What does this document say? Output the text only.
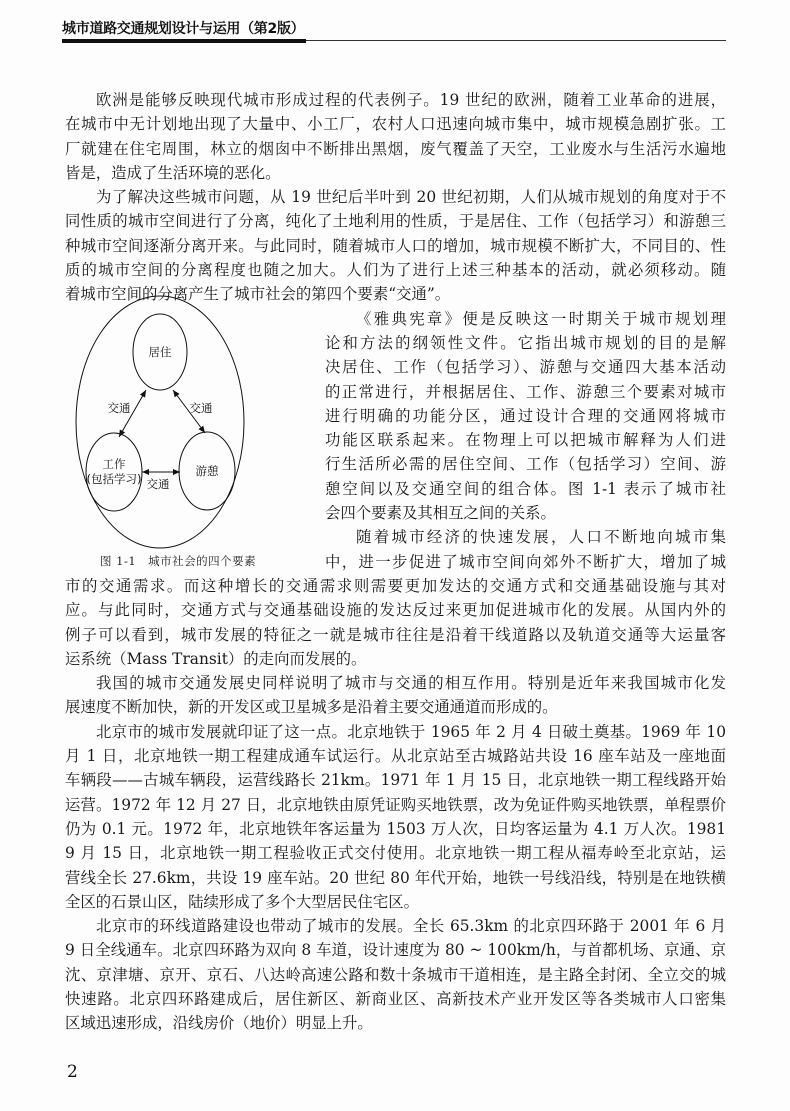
城市道路交通规划设计与运用（第2版）
居住
工作
(包括学习)
游憩
交通	交通
交通
图 1-1　城市社会的四个要素
欧洲是能够反映现代城市形成过程的代表例子。19 世纪的欧洲，随着工业革命的进展，
在城市中无计划地出现了大量中、小工厂，农村人口迅速向城市集中，城市规模急剧扩张。工
厂就建在住宅周围，林立的烟囱中不断排出黑烟，废气覆盖了天空，工业废水与生活污水遍地
皆是，造成了生活环境的恶化。
为了解决这些城市问题，从 19 世纪后半叶到 20 世纪初期，人们从城市规划的角度对于不
同性质的城市空间进行了分离，纯化了土地利用的性质，于是居住、工作（包括学习）和游憩三
种城市空间逐渐分离开来。与此同时，随着城市人口的增加，城市规模不断扩大，不同目的、性
质的城市空间的分离程度也随之加大。人们为了进行上述三种基本的活动，就必须移动。随
着城市空间的分离产生了城市社会的第四个要素“交通”。
《雅典宪章》便是反映这一时期关于城市规划理
论和方法的纲领性文件。它指出城市规划的目的是解
决居住、工作（包括学习）、游憩与交通四大基本活动
的正常进行，并根据居住、工作、游憩三个要素对城市
进行明确的功能分区，通过设计合理的交通网将城市
功能区联系起来。在物理上可以把城市解释为人们进
行生活所必需的居住空间、工作（包括学习）空间、游
憩空间以及交通空间的组合体。图 1-1 表示了城市社
会四个要素及其相互之间的关系。
随着城市经济的快速发展，人口不断地向城市集
中，进一步促进了城市空间向郊外不断扩大，增加了城
市的交通需求。而这种增长的交通需求则需要更加发达的交通方式和交通基础设施与其对
应。与此同时，交通方式与交通基础设施的发达反过来更加促进城市化的发展。从国内外的
例子可以看到，城市发展的特征之一就是城市往往是沿着干线道路以及轨道交通等大运量客
运系统（Mass Transit）的走向而发展的。
我国的城市交通发展史同样说明了城市与交通的相互作用。特别是近年来我国城市化发
展速度不断加快，新的开发区或卫星城多是沿着主要交通通道而形成的。
北京市的城市发展就印证了这一点。北京地铁于 1965 年 2 月 4 日破土奠基。1969 年 10
月 1 日，北京地铁一期工程建成通车试运行。从北京站至古城路站共设 16 座车站及一座地面
车辆段——古城车辆段，运营线路长 21km。1971 年 1 月 15 日，北京地铁一期工程线路开始
运营。1972 年 12 月 27 日，北京地铁由原凭证购买地铁票，改为免证件购买地铁票，单程票价
仍为 0.1 元。1972 年，北京地铁年客运量为 1503 万人次，日均客运量为 4.1 万人次。1981
9 月 15 日，北京地铁一期工程验收正式交付使用。北京地铁一期工程从福寿岭至北京站，运
营线全长 27.6km，共设 19 座车站。20 世纪 80 年代开始，地铁一号线沿线，特别是在地铁横
全区的石景山区，陆续形成了多个大型居民住宅区。
北京市的环线道路建设也带动了城市的发展。全长 65.3km 的北京四环路于 2001 年 6 月
9 日全线通车。北京四环路为双向 8 车道，设计速度为 80 ~ 100km/h，与首都机场、京通、京
沈、京津塘、京开、京石、八达岭高速公路和数十条城市干道相连，是主路全封闭、全立交的城
快速路。北京四环路建成后，居住新区、新商业区、高新技术产业开发区等各类城市人口密集
区域迅速形成，沿线房价（地价）明显上升。
2
